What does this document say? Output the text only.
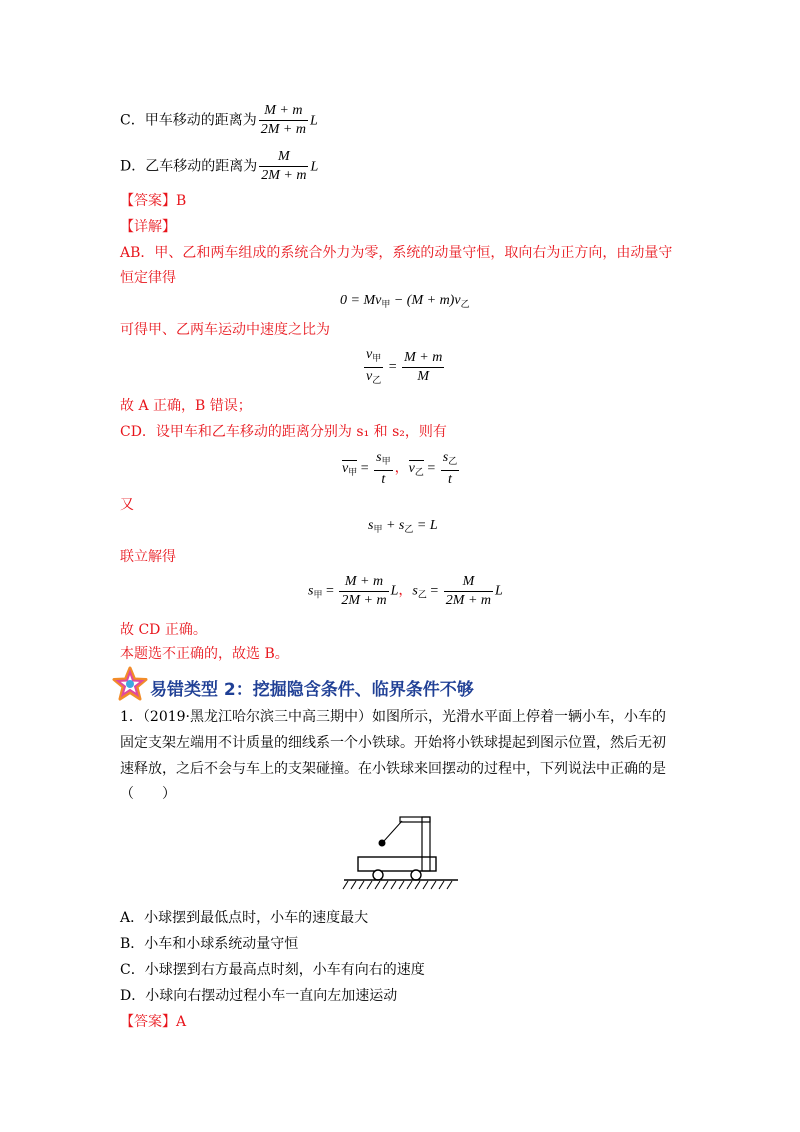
C．甲车移动的距离为 $\frac{M + m}{2M + m}$ L
D．乙车移动的距离为 $\frac{M}{2M + m}$ L
【答案】B
【详解】
AB．甲、乙和两车组成的系统合外力为零，系统的动量守恒，取向右为正方向，由动量守
恒定律得
$0 = Mv_甲 - (M + m)v_乙$
可得甲、乙两车运动中速度之比为
$\frac{v_甲}{v_乙} = \frac{M + m}{M}$
故 A 正确，B 错误；
CD．设甲车和乙车移动的距离分别为 s₁ 和 s₂，则有
$v_甲 = \frac{s_甲}{t}$ ，$v_乙 = \frac{s_乙}{t}$
又
$s_甲 + s_乙 = L$
联立解得
$s_甲 = \frac{M + m}{2M + m}$ L，$s_乙 = \frac{M}{2M + m}$ L
故 CD 正确。
本题选不正确的，故选 B。
易错类型 2：挖掘隐含条件、临界条件不够
1．（2019·黑龙江哈尔滨三中高三期中）如图所示，光滑水平面上停着一辆小车，小车的
固定支架左端用不计质量的细线系一个小铁球。开始将小铁球提起到图示位置，然后无初
速释放，之后不会与车上的支架碰撞。在小铁球来回摆动的过程中，下列说法中正确的是
（　　）
A．小球摆到最低点时，小车的速度最大
B．小车和小球系统动量守恒
C．小球摆到右方最高点时刻，小车有向右的速度
D．小球向右摆动过程小车一直向左加速运动
【答案】A
